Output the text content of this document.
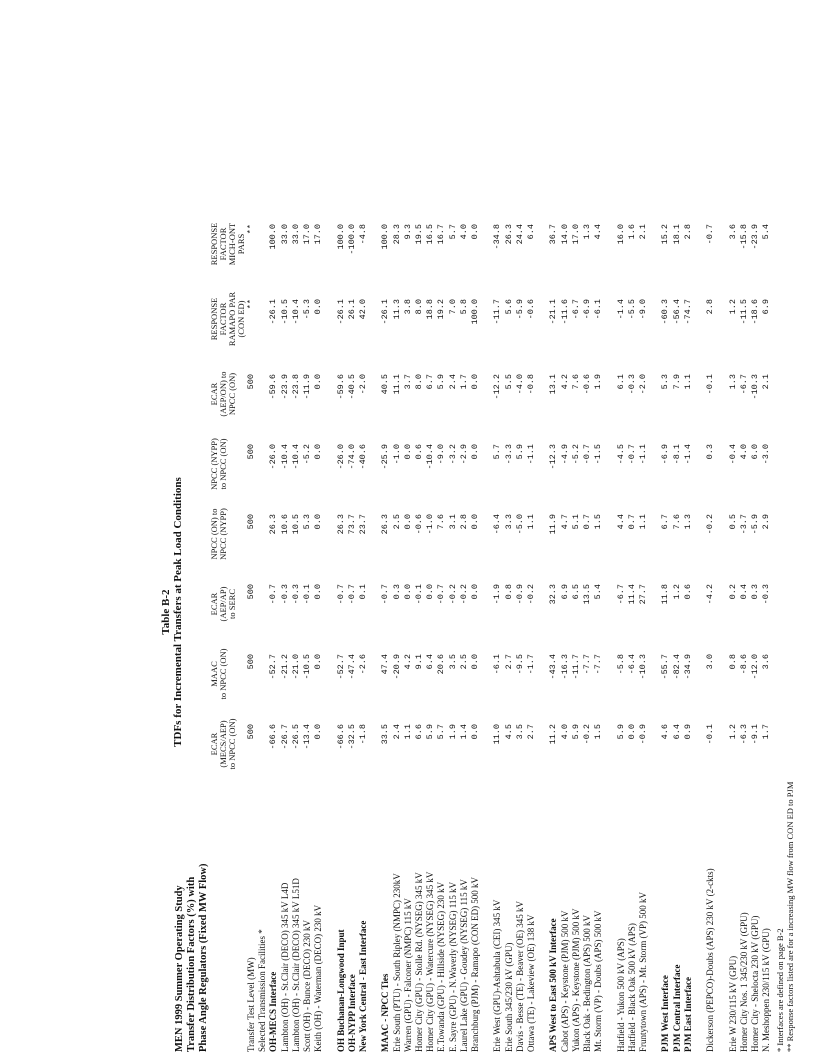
Table B-2 TDFs for Incremental Transfers at Peak Load Conditions
MEN 1999 Summer Operating Study Transfer Distribution Factors (%) with Phase Angle Regulators (Fixed MW Flow)
ECAR (MECS/AEP) to NPCC (ON)
MAAC to NPCC (ON)
ECAR (AEP/AP) to SERC
NPCC (ON) to NPCC (NYPP)
NPCC (NYPP) to NPCC (ON)
ECAR (AEP/ON) to NPCC (ON)
RESPONSE FACTOR RAMAPO PAR (CON ED)
RESPONSE FACTOR MICH-ONT PARS
Transfer Test Level (MW)
500
500
500
500
500
500
**
**
Selected Transmission Facilities * OH-MECS Interface
-66.6
-52.7
-0.7
26.3
-26.0
-59.6
-26.1
100.0
Lambton (OH) - St.Clair (DECO) 345 kV L4D
-26.7
-21.2
-0.3
10.6
-10.4
-23.9
-10.5
33.0
Lambton (OH) - St.Clair (DECO) 345 kV L51D
-26.5
-21.0
-0.3
10.5
-10.4
-23.8
-10.4
33.0
Scott (OH) - Bunce (DECO) 230 kV
-13.4
-10.5
-0.1
5.3
-5.2
-11.9
-5.3
17.0
Keith (OH) - Waterman (DECO) 230 kV
0.0
0.0
0.0
0.0
0.0
0.0
0.0
17.0
OH Buchanan-Longwood Input
-66.6
-52.7
-0.7
26.3
-26.0
-59.6
-26.1
100.0
OH-NYPP Interface
-32.5
-47.4
-0.7
73.7
-74.0
-40.5
26.1
-100.0
New York Central - East Interface
-1.8
-2.6
0.1
23.7
-40.6
-2.0
42.0
-4.8
MAAC - NPCC Ties
33.5
47.4
-0.7
26.3
-25.9
40.5
-26.1
100.0
Erie South (PTU) - South Ripley (NMPC) 230kV
2.4
-20.9
0.3
2.5
-1.0
11.1
11.3
28.3
Warren (GPU) - Falconer (NMPC) 115 kV
1.1
4.2
0.0
0.0
0.0
3.7
3.8
9.3
Homer City (GPU) - Stolle Rd. (NYSEG) 345 kV
6.6
9.1
-0.1
-0.6
0.6
8.0
8.0
19.5
Homer City (GPU) - Watercure (NYSEG) 345 kV
5.9
6.4
0.0
-1.0
-10.4
6.7
18.8
16.5
E.Towanda (GPU) - Hillside (NYSEG) 230 kV
5.7
20.6
-0.7
7.6
-9.0
5.9
19.2
16.7
E. Sayre (GPU) - N.Waverly (NYSEG) 115 kV
1.9
3.5
-0.2
3.1
-3.2
2.4
7.0
5.7
Laurel Lake (GPU) - Goudey (NYSEG) 115 kV
1.4
2.5
-0.2
2.8
-2.9
1.7
5.8
4.0
Branchburg (PJM) - Ramapo (CON ED) 500 kV
0.0
0.0
0.0
0.0
0.0
0.0
100.0
0.0
Erie West (GPU)-Ashtabula (CEI) 345 kV
11.0
-6.1
-1.9
-6.4
5.7
-12.2
-11.7
-34.8
Erie South 345/230 kV (GPU)
4.5
2.7
0.8
3.3
-3.3
5.5
5.6
26.3
Davis - Besse (TE) - Beaver (OE) 345 kV
3.5
-9.5
-0.9
-5.0
5.9
-4.0
-5.9
24.4
Ottawa (TE) - Lakeview (OE) 138 kV
2.7
-1.7
-0.2
1.1
-1.1
-0.8
-0.6
6.4
APS West to East 500 kV Interface
11.2
-43.4
32.3
11.9
-12.3
13.1
-21.1
36.7
Cabot (APS) - Keystone (PJM) 500 kV
4.0
-16.3
6.9
4.7
-4.9
4.2
-11.6
14.0
Yukon (APS) - Keystone (PJM) 500 kV
5.9
-11.7
6.5
5.1
-5.2
7.6
-6.7
17.0
Black Oak - Bedington (APS) 500 kV
-0.2
-7.7
13.5
0.7
-0.7
-0.6
-6.9
1.3
Mt. Storm (VP) - Doubs (APS) 500 kV
1.5
-7.7
5.4
1.5
-1.5
1.9
-6.1
4.4
Hatfield - Yukon 500 kV (APS)
5.9
-5.8
-6.7
4.4
-4.5
6.1
-1.4
16.0
Hatfield - Black Oak 500 kV (APS)
0.0
-6.4
11.4
0.7
-0.7
-0.3
-5.5
1.6
Fruntytown (APS) - Mt. Storm (VP) 500 kV
-0.9
-10.3
27.7
1.1
-1.1
-2.0
-9.0
2.1
PJM West Interface
4.6
-55.7
11.8
6.7
-6.9
5.3
-60.3
15.2
PJM Central Interface
6.4
-82.4
1.2
7.6
-8.1
7.9
-56.4
18.1
PJM East Interface
0.9
-34.9
0.6
1.3
-1.4
1.1
-74.7
2.8
Dickerson (PEPCO)-Doubs (APS) 230 kV (2-ckts)
-0.1
3.0
-4.2
-0.2
0.3
-0.1
2.8
-0.7
Erie W 230/115 kV (GPU)
1.2
0.8
0.2
0.5
-0.4
1.3
1.2
3.6
Homer City Nos. 1 345/230 kV (GPU)
-6.3
-8.6
0.4
-3.7
4.0
-6.7
-11.5
-15.8
Homer City - Shelocta 230 kV (GPU)
-9.1
-12.0
0.3
-5.9
6.0
-10.3
-18.6
-23.9
N. Meshoppen 230/115 kV (GPU)
1.7
3.6
-0.3
2.9
-3.0
2.1
6.9
5.4
* Interfaces are defined on page B-2 ** Response factors listed are for a increasing MW flow from CON ED to PJM
